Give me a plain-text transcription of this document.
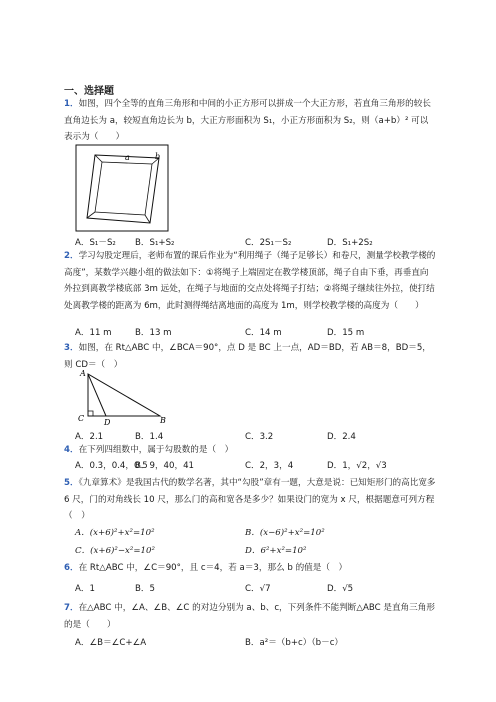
一、选择题

1．如图，四个全等的直角三角形和中间的小正方形可以拼成一个大正方形，若直角三角形的较长直角边长为 a，较短直角边长为 b，大正方形面积为 S₁，小正方形面积为 S₂，则（a+b）² 可以表示为（　　）

a	b
A．S₁－S₂ B．S₁+S₂	C．2S₁－S₂	D．S₁+2S₂

2．学习勾股定理后，老师布置的课后作业为“利用绳子（绳子足够长）和卷尺，测量学校教学楼的高度”，某数学兴趣小组的做法如下：①将绳子上端固定在教学楼顶部，绳子自由下垂，再垂直向外拉到离教学楼底部 3m 远处，在绳子与地面的交点处将绳子打结；②将绳子继续往外拉，使打结处离教学楼的距离为 6m，此时测得绳结离地面的高度为 1m，则学校教学楼的高度为（　　）

A．11 m	B．13 m	C．14 m	D．15 m

3．如图，在 Rt△ABC 中，∠BCA＝90°，点 D 是 BC 上一点，AD＝BD，若 AB＝8，BD＝5，则 CD＝（　）

A
C D	B
A．2.1	B．1.4	C．3.2	D．2.4

4．在下列四组数中，属于勾股数的是（　）

A．0.3，0.4，0.5
B．9，40，41	C．2，3，4	D．1，√2，√3

5．《九章算术》是我国古代的数学名著，其中“勾股”章有一题，大意是说：已知矩形门的高比宽多 6 尺，门的对角线长 10 尺，那么门的高和宽各是多少？如果设门的宽为 x 尺，根据题意可列方程（　）

A．(x+6)²+x²=10²	B．(x−6)²+x²=10²
C．(x+6)²−x²=10²	D．6²+x²=10²

6．在 Rt△ABC 中，∠C＝90°，且 c＝4，若 a＝3，那么 b 的值是（　）

A．1	B．5	C．√7	D．√5

7．在△ABC 中，∠A、∠B、∠C 的对边分别为 a、b、c，下列条件不能判断△ABC 是直角三角形的是（　　）

A．∠B＝∠C+∠A	B．a²＝（b+c）（b－c）
